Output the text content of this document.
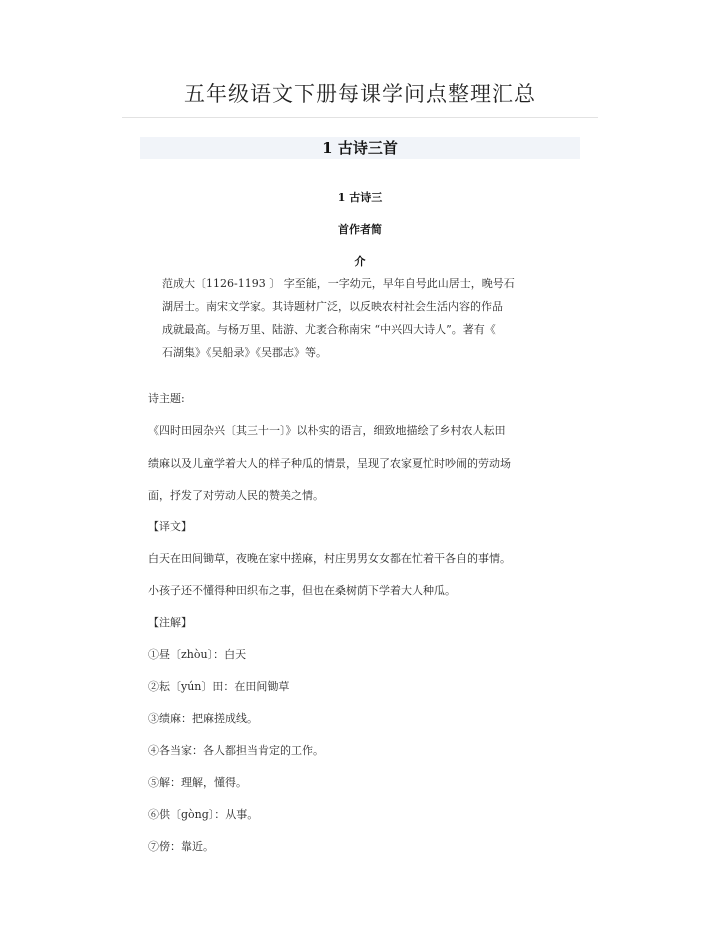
五年级语文下册每课学问点整理汇总
1 古诗三首
1 古诗三
首作者简
介
范成大〔1126-1193 〕 字至能，一字幼元，早年自号此山居士，晚号石
湖居士。南宋文学家。其诗题材广泛，以反映农村社会生活内容的作品
成就最高。与杨万里、陆游、尤袤合称南宋 “中兴四大诗人”。著有《
石湖集》《吴船录》《吴郡志》等。
诗主题:
《四时田园杂兴〔其三十一〕》以朴实的语言，细致地描绘了乡村农人耘田
绩麻以及儿童学着大人的样子种瓜的情景，呈现了农家夏忙时吵闹的劳动场
面，抒发了对劳动人民的赞美之情。
【译文】
白天在田间锄草，夜晚在家中搓麻，村庄男男女女都在忙着干各自的事情。
小孩子还不懂得种田织布之事，但也在桑树荫下学着大人种瓜。
【注解】
①昼〔zhòu〕：白天
②耘〔yún〕田：在田间锄草
③绩麻：把麻搓成线。
④各当家：各人都担当肯定的工作。
⑤解：理解，懂得。
⑥供〔gòng〕：从事。
⑦傍：靠近。
